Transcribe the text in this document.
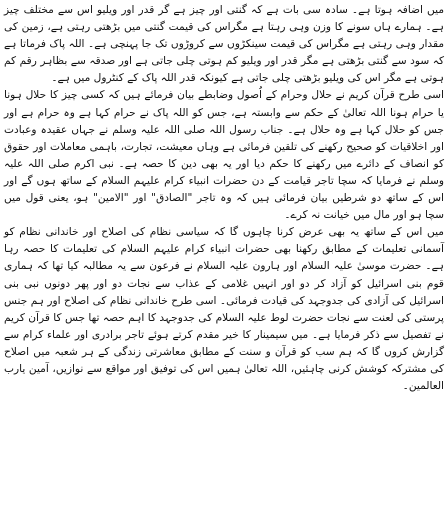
میں اضافہ ہوتا ہے۔ سادہ سی بات ہے کہ گنتی اور چیز ہے گر قدر اور ویلیو اس سے مختلف چیز ہے۔ ہمارے ہاں سونے کا وزن وہی رہتا ہے مگراس کی قیمت گنتی میں بڑھتی رہتی ہے، زمین کی مقدار وہی رہتی ہے مگراس کی قیمت سینکڑوں سے کروڑوں تک جا پہنچی ہے۔ اللہ پاک فرماتا ہے کہ سود سے گنتی بڑھتی ہے مگر قدر اور ویلیو کم ہوتی چلی جاتی ہے اور صدقہ سے بظاہر رقم کم ہوتی ہے مگر اس کی ویلیو بڑھتی چلی جاتی ہے کیونکہ قدر اللہ پاک کے کنٹرول میں ہے۔

اسی طرح قرآن کریم نے حلال وحرام کے اُصول وضابطے بیان فرمائے ہیں کہ کسی چیز کا حلال ہونا یا حرام ہونا اللہ تعالیٰ کے حکم سے وابستہ ہے، جس کو اللہ پاک نے حرام کہا ہے وہ حرام ہے اور جس کو حلال کہا ہے وہ حلال ہے۔ جناب رسول اللہ صلی اللہ علیہ وسلم نے جہاں عقیدہ وعبادت اور اخلاقیات کو صحیح رکھنے کی تلقین فرمائی ہے وہاں معیشت، تجارت، باہمی معاملات اور حقوق کو انصاف کے دائرے میں رکھنے کا حکم دیا اور یہ بھی دین کا حصہ ہے۔ نبی اکرم صلی اللہ علیہ وسلم نے فرمایا کہ سچا تاجر قیامت کے دن حضرات انبیاء کرام علیہم السلام کے ساتھ ہوں گے اور اس کے ساتھ دو شرطیں بیان فرمائی ہیں کہ وہ تاجر "الصادق" اور "الامین" ہو، یعنی قول میں سچا ہو اور مال میں خیانت نہ کرے۔

میں اس کے ساتھ یہ بھی عرض کرنا چاہوں گا کہ سیاسی نظام کی اصلاح اور خاندانی نظام کو آسمانی تعلیمات کے مطابق رکھنا بھی حضرات انبیاء کرام علیہم السلام کی تعلیمات کا حصہ رہا ہے۔ حضرت موسیٰ علیہ السلام اور ہارون علیہ السلام نے فرعون سے یہ مطالبہ کیا تھا کہ ہماری قوم بنی اسرائیل کو آزاد کر دو اور انہیں غلامی کے عذاب سے نجات دو اور پھر دونوں نبی بنی اسرائیل کی آزادی کی جدوجہد کی قیادت فرمائی۔ اسی طرح خاندانی نظام کی اصلاح اور ہم جنس پرستی کی لعنت سے نجات حضرت لوط علیہ السلام کی جدوجہد کا اہم حصہ تھا جس کا قرآن کریم نے تفصیل سے ذکر فرمایا ہے۔ میں سیمینار کا خیر مقدم کرتے ہوئے تاجر برادری اور علماء کرام سے گزارش کروں گا کہ ہم سب کو قرآن و سنت کے مطابق معاشرتی زندگی کے ہر شعبہ میں اصلاح کی مشترکہ کوشش کرنی چاہئیں، اللہ تعالیٰ ہمیں اس کی توفیق اور مواقع سے نوازیں، آمین یارب العالمین۔
